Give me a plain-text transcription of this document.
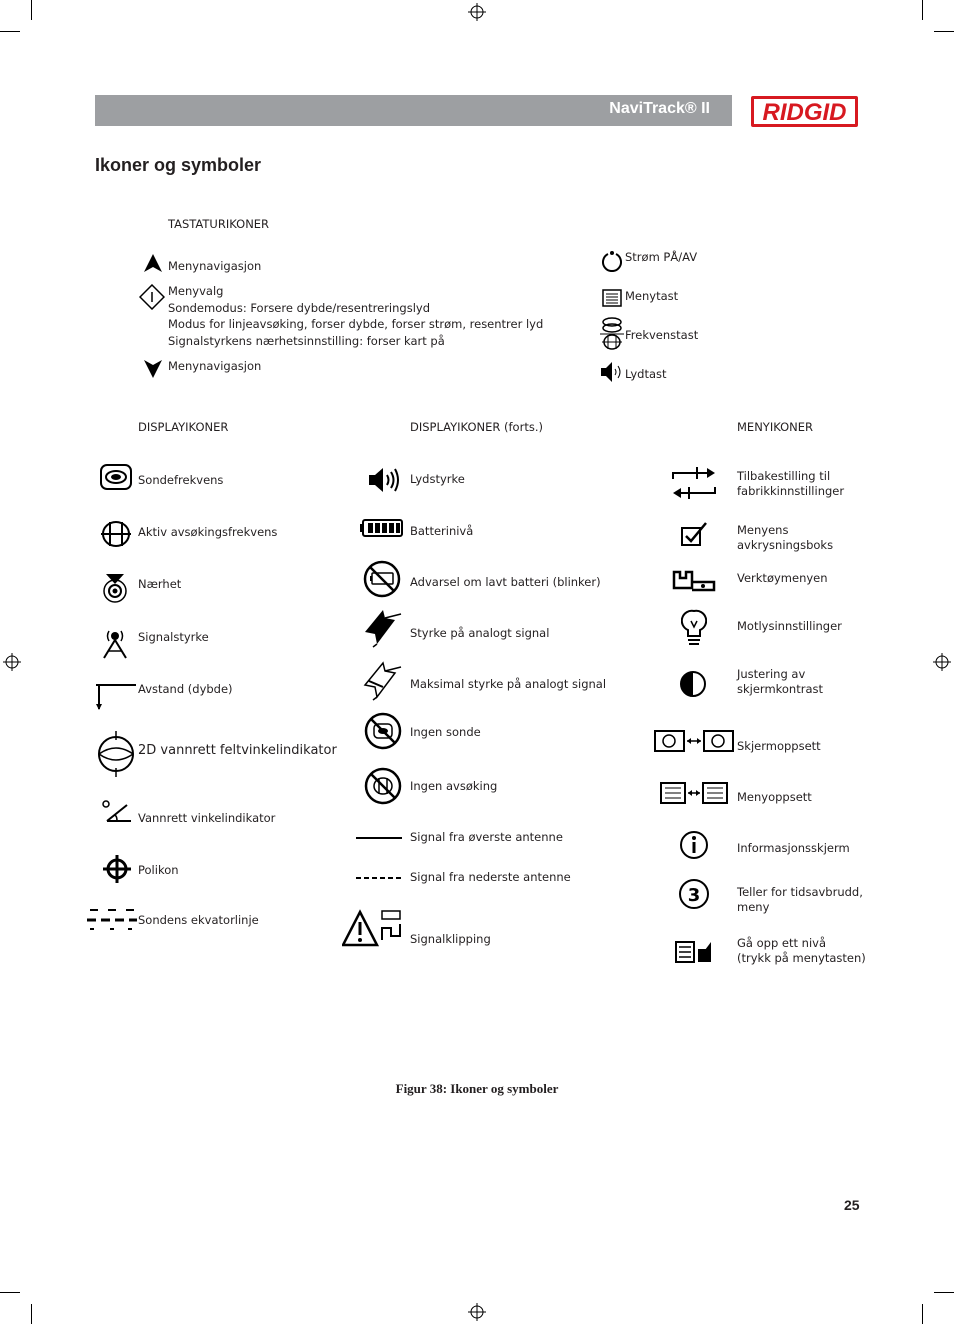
NaviTrack® II RIDGID
Ikoner og symboler
TASTATURIKONER
Menynavigasjon
Menyvalg
Sondemodus: Forsere dybde/resentreringslyd
Modus for linjeavsøking, forser dybde, forser strøm, resentrer lyd
Signalstyrkens nærhetsinnstilling: forser kart på
Menynavigasjon
Strøm PÅ/AV
Menytast
Frekvenstast
Lydtast
DISPLAYIKONER
Sondefrekvens
Aktiv avsøkingsfrekvens
Nærhet
Signalstyrke
Avstand (dybde)
2D vannrett feltvinkelindikator
Vannrett vinkelindikator
Polikon
Sondens ekvatorlinje
DISPLAYIKONER (forts.)
Lydstyrke
Batterinivå
Advarsel om lavt batteri (blinker)
Styrke på analogt signal
Maksimal styrke på analogt signal
Ingen sonde
Ingen avsøking
Signal fra øverste antenne
Signal fra nederste antenne
Signalklipping
MENYIKONER
Tilbakestilling til
fabrikkinnstillinger
Menyens
avkrysningsboks
Verktøymenyen
Motlysinnstillinger
Justering av
skjermkontrast
Skjermoppsett
Menyoppsett
Informasjonsskjerm
3	Teller for tidsavbrudd,
meny
Gå opp ett nivå
(trykk på menytasten)
Figur 38: Ikoner og symboler
25
